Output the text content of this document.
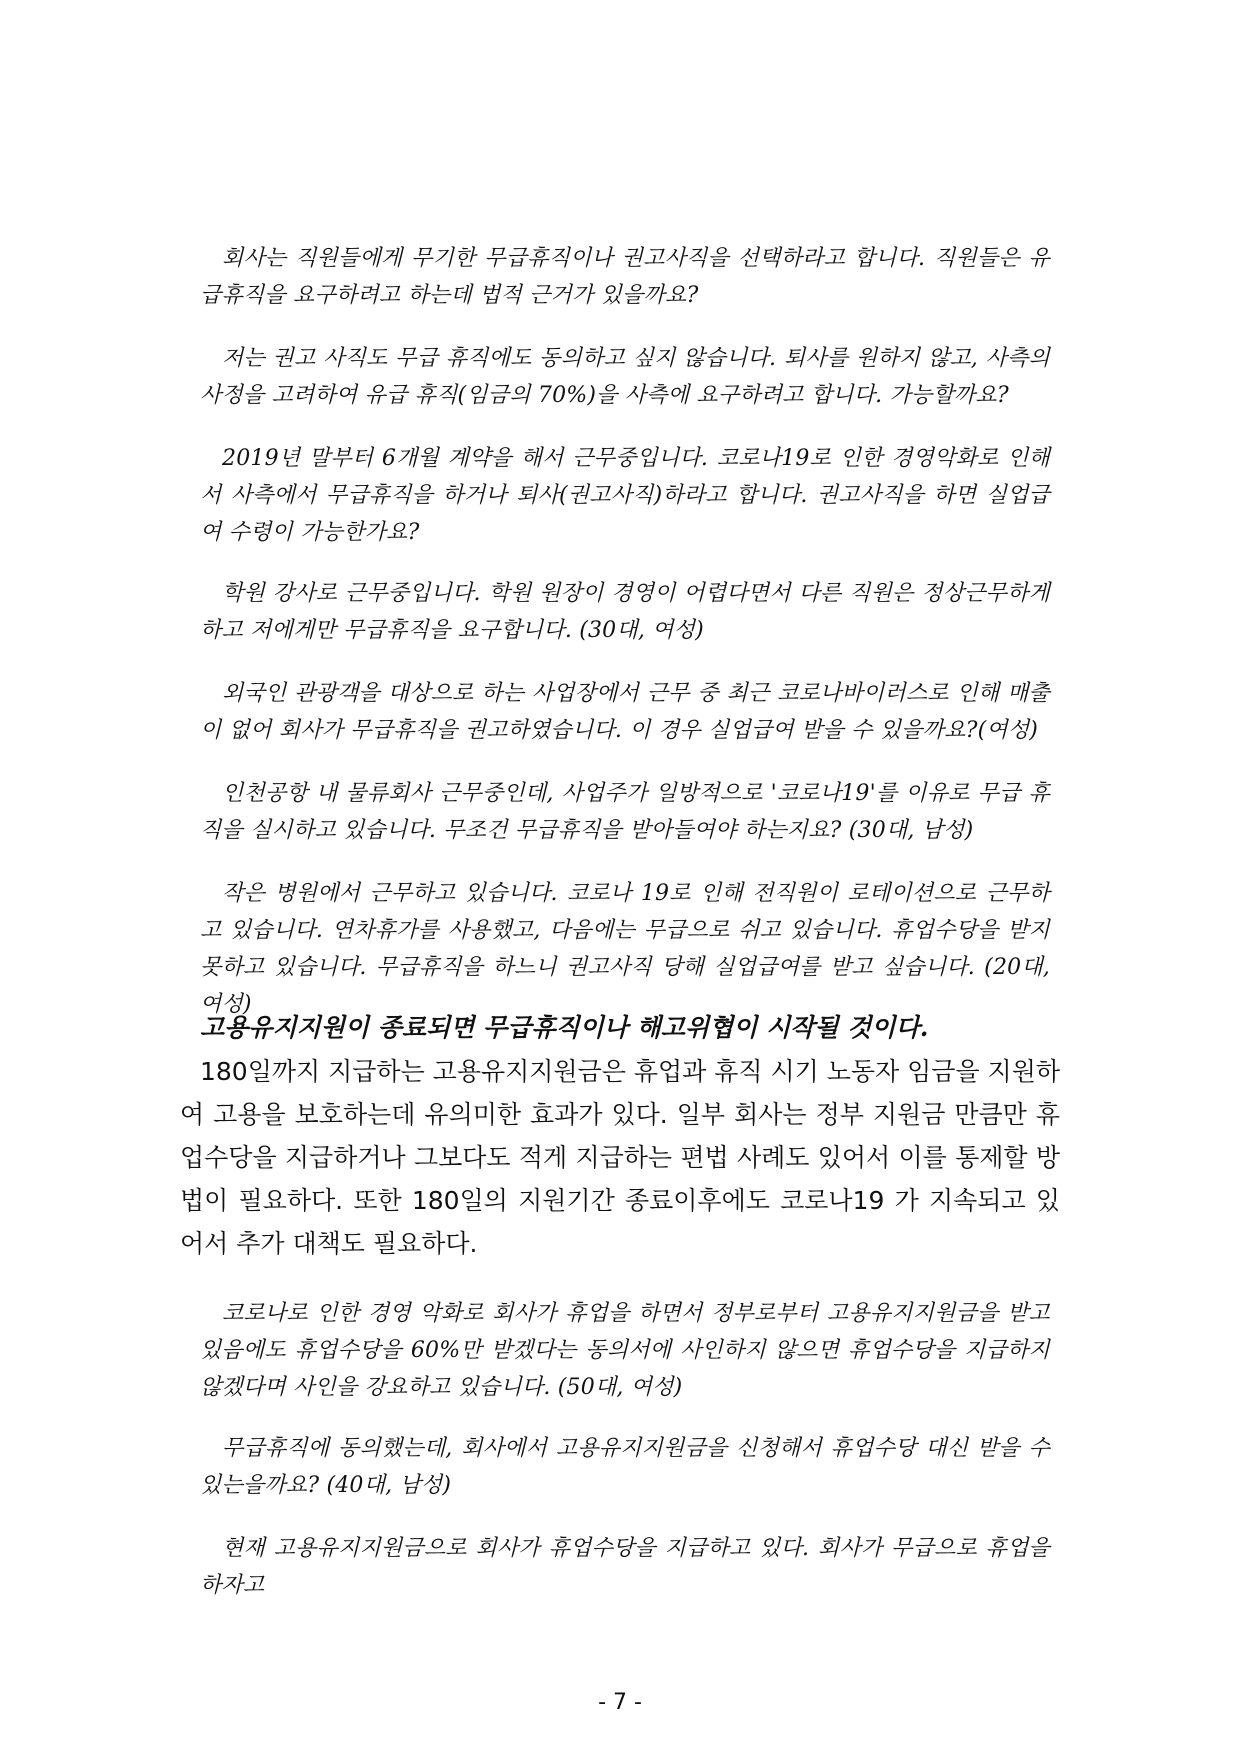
회사는 직원들에게 무기한 무급휴직이나 권고사직을 선택하라고 합니다. 직원들은 유급휴직을 요구하려고 하는데 법적 근거가 있을까요?

저는 권고 사직도 무급 휴직에도 동의하고 싶지 않습니다. 퇴사를 원하지 않고, 사측의 사정을 고려하여 유급 휴직(임금의 70%)을 사측에 요구하려고 합니다. 가능할까요?

2019년 말부터 6개월 계약을 해서 근무중입니다. 코로나19로 인한 경영악화로 인해서 사측에서 무급휴직을 하거나 퇴사(권고사직)하라고 합니다. 권고사직을 하면 실업급여 수령이 가능한가요?

학원 강사로 근무중입니다. 학원 원장이 경영이 어렵다면서 다른 직원은 정상근무하게 하고 저에게만 무급휴직을 요구합니다. (30대, 여성)

외국인 관광객을 대상으로 하는 사업장에서 근무 중 최근 코로나바이러스로 인해 매출이 없어 회사가 무급휴직을 권고하였습니다. 이 경우 실업급여 받을 수 있을까요?(여성)

인천공항 내 물류회사 근무중인데, 사업주가 일방적으로 '코로나19'를 이유로 무급 휴직을 실시하고 있습니다. 무조건 무급휴직을 받아들여야 하는지요? (30대, 남성)

작은 병원에서 근무하고 있습니다. 코로나 19로 인해 전직원이 로테이션으로 근무하고 있습니다. 연차휴가를 사용했고, 다음에는 무급으로 쉬고 있습니다. 휴업수당을 받지 못하고 있습니다. 무급휴직을 하느니 권고사직 당해 실업급여를 받고 싶습니다. (20대, 여성)

고용유지지원이 종료되면 무급휴직이나 해고위협이 시작될 것이다.

180일까지 지급하는 고용유지지원금은 휴업과 휴직 시기 노동자 임금을 지원하여 고용을 보호하는데 유의미한 효과가 있다. 일부 회사는 정부 지원금 만큼만 휴업수당을 지급하거나 그보다도 적게 지급하는 편법 사례도 있어서 이를 통제할 방법이 필요하다. 또한 180일의 지원기간 종료이후에도 코로나19 가 지속되고 있어서 추가 대책도 필요하다.

코로나로 인한 경영 악화로 회사가 휴업을 하면서 정부로부터 고용유지지원금을 받고 있음에도 휴업수당을 60%만 받겠다는 동의서에 사인하지 않으면 휴업수당을 지급하지 않겠다며 사인을 강요하고 있습니다. (50대, 여성)

무급휴직에 동의했는데, 회사에서 고용유지지원금을 신청해서 휴업수당 대신 받을 수 있는을까요? (40대, 남성)

현재 고용유지지원금으로 회사가 휴업수당을 지급하고 있다. 회사가 무급으로 휴업을 하자고

- 7 -
